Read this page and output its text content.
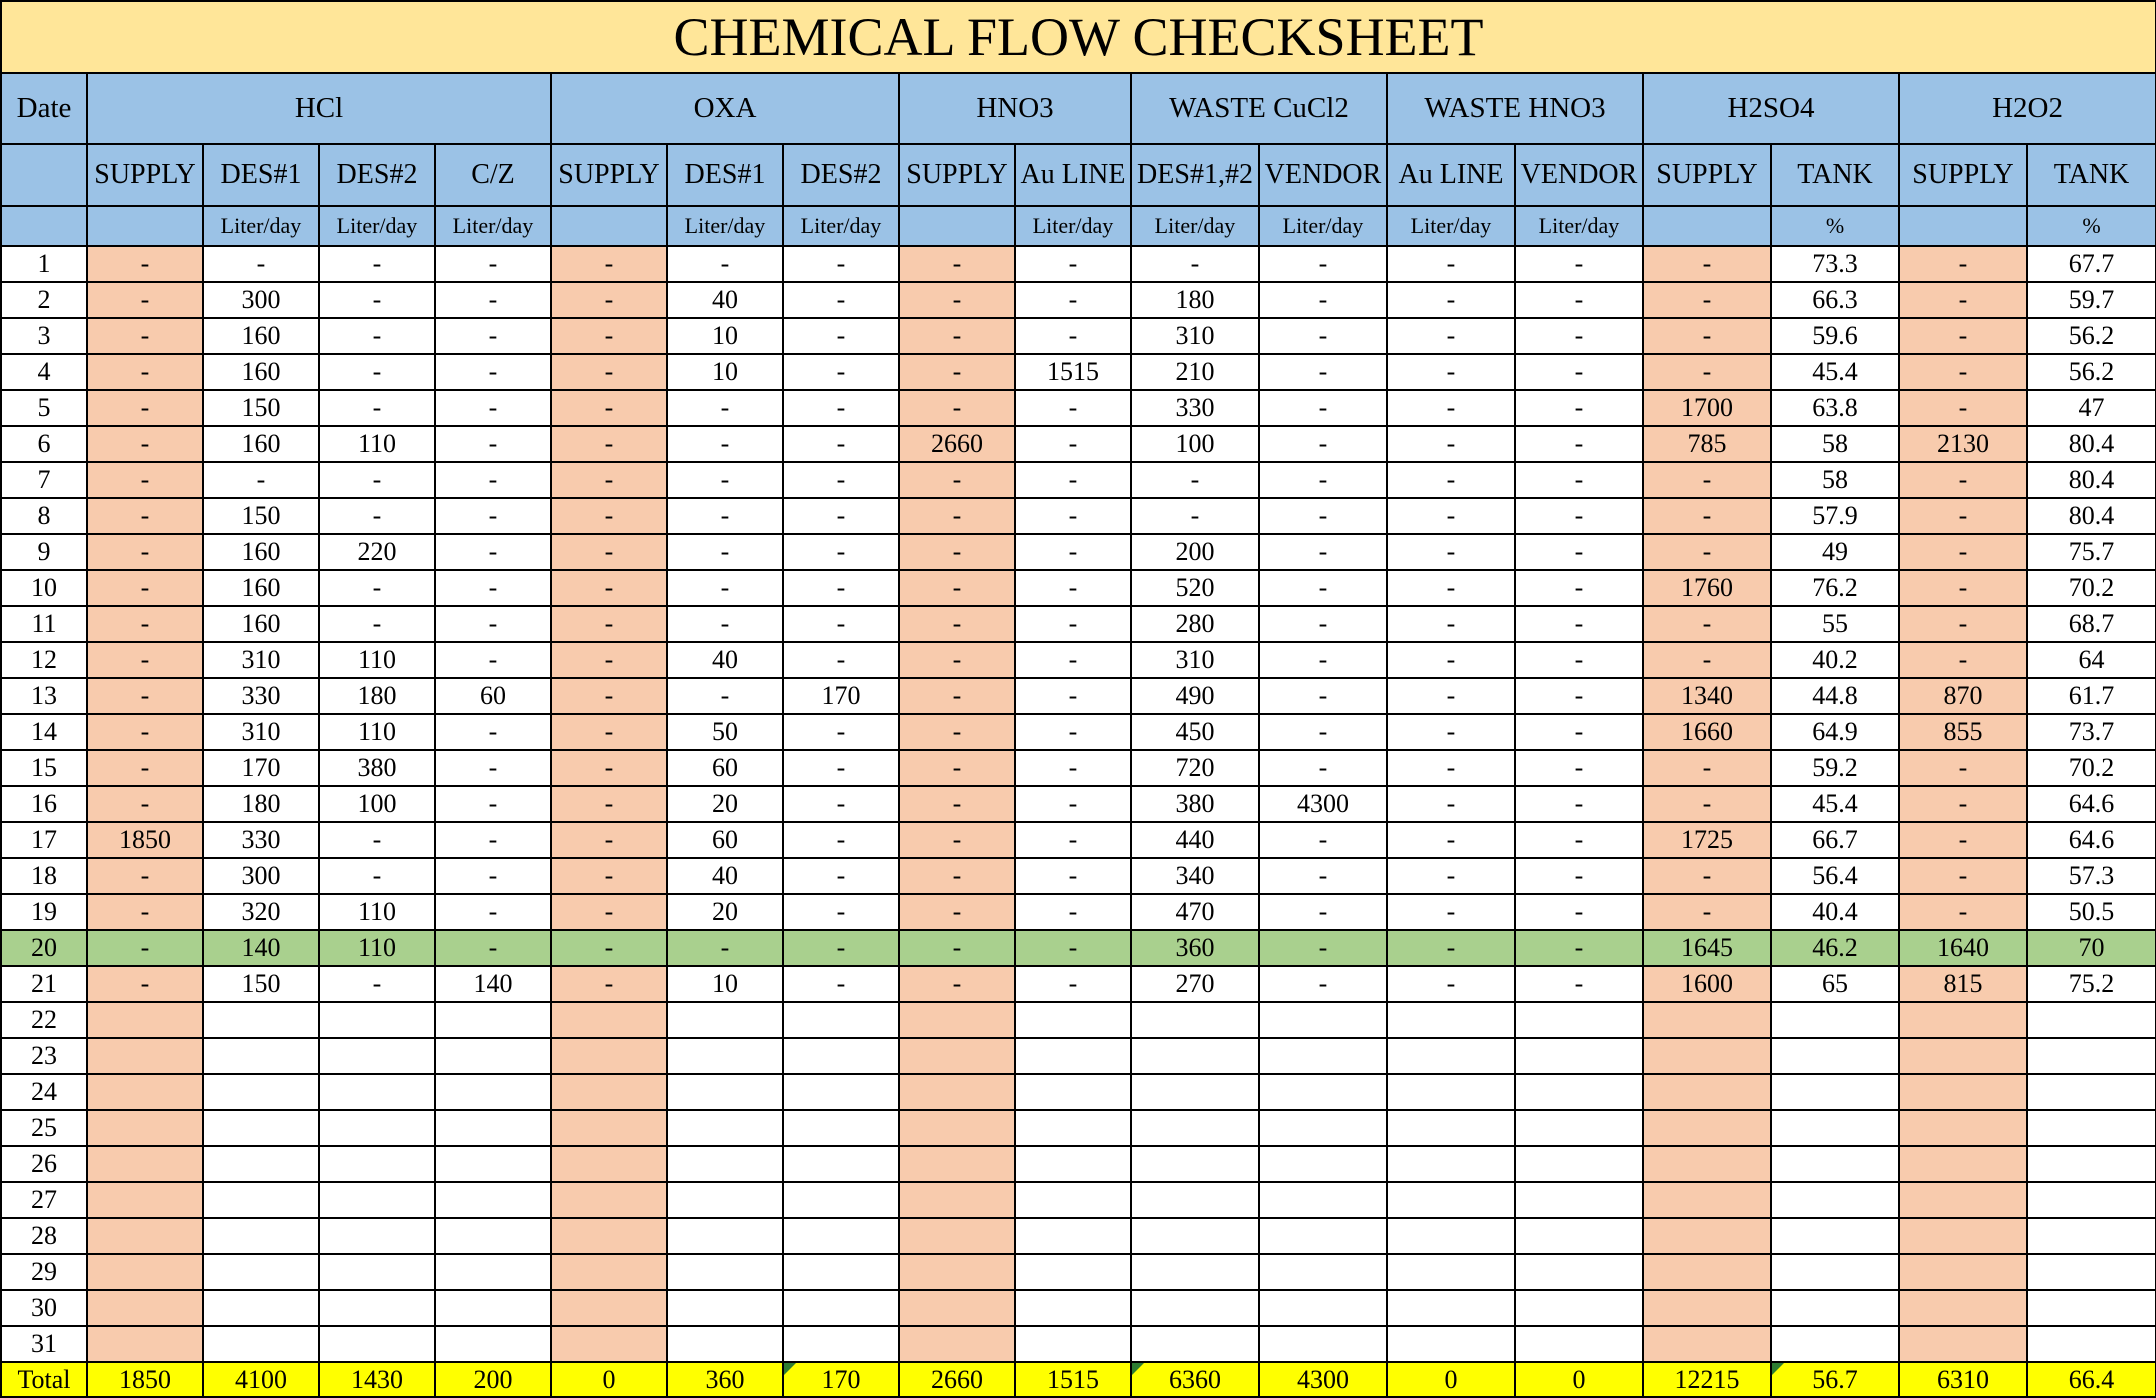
CHEMICAL FLOW CHECKSHEET																	
Date	HCl				OXA			HNO3		WASTE CuCl2		WASTE HNO3		H2SO4		H2O2	
	SUPPLY	DES#1	DES#2	C/Z	SUPPLY	DES#1	DES#2	SUPPLY	Au LINE	DES#1,#2	VENDOR	Au LINE	VENDOR	SUPPLY	TANK	SUPPLY	TANK
		Liter/day	Liter/day	Liter/day		Liter/day	Liter/day		Liter/day	Liter/day	Liter/day	Liter/day	Liter/day		%		%
1	-	-	-	-	-	-	-	-	-	-	-	-	-	-	73.3	-	67.7
2	-	300	-	-	-	40	-	-	-	180	-	-	-	-	66.3	-	59.7
3	-	160	-	-	-	10	-	-	-	310	-	-	-	-	59.6	-	56.2
4	-	160	-	-	-	10	-	-	1515	210	-	-	-	-	45.4	-	56.2
5	-	150	-	-	-	-	-	-	-	330	-	-	-	1700	63.8	-	47
6	-	160	110	-	-	-	-	2660	-	100	-	-	-	785	58	2130	80.4
7	-	-	-	-	-	-	-	-	-	-	-	-	-	-	58	-	80.4
8	-	150	-	-	-	-	-	-	-	-	-	-	-	-	57.9	-	80.4
9	-	160	220	-	-	-	-	-	-	200	-	-	-	-	49	-	75.7
10	-	160	-	-	-	-	-	-	-	520	-	-	-	1760	76.2	-	70.2
11	-	160	-	-	-	-	-	-	-	280	-	-	-	-	55	-	68.7
12	-	310	110	-	-	40	-	-	-	310	-	-	-	-	40.2	-	64
13	-	330	180	60	-	-	170	-	-	490	-	-	-	1340	44.8	870	61.7
14	-	310	110	-	-	50	-	-	-	450	-	-	-	1660	64.9	855	73.7
15	-	170	380	-	-	60	-	-	-	720	-	-	-	-	59.2	-	70.2
16	-	180	100	-	-	20	-	-	-	380	4300	-	-	-	45.4	-	64.6
17	1850	330	-	-	-	60	-	-	-	440	-	-	-	1725	66.7	-	64.6
18	-	300	-	-	-	40	-	-	-	340	-	-	-	-	56.4	-	57.3
19	-	320	110	-	-	20	-	-	-	470	-	-	-	-	40.4	-	50.5
20	-	140	110	-	-	-	-	-	-	360	-	-	-	1645	46.2	1640	70
21	-	150	-	140	-	10	-	-	-	270	-	-	-	1600	65	815	75.2
22																	
23																	
24																	
25																	
26																	
27																	
28																	
29																	
30																	
31																	
Total	1850	4100	1430	200	0	360	170	2660	1515	6360	4300	0	0	12215	56.7	6310	66.4
